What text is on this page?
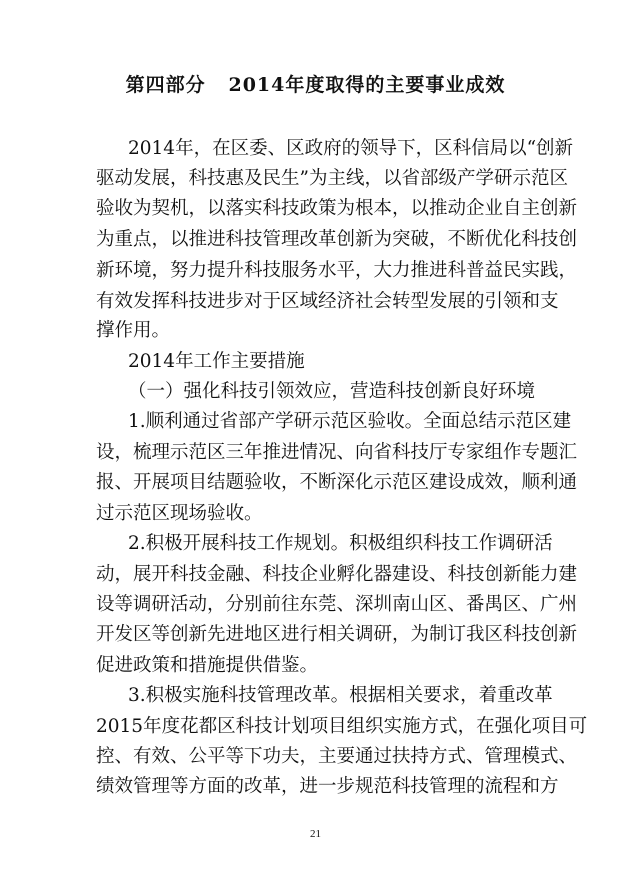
第四部分   2014年度取得的主要事业成效
2014年，在区委、区政府的领导下，区科信局以“创新
驱动发展，科技惠及民生”为主线，以省部级产学研示范区
验收为契机，以落实科技政策为根本，以推动企业自主创新
为重点，以推进科技管理改革创新为突破，不断优化科技创
新环境，努力提升科技服务水平，大力推进科普益民实践，
有效发挥科技进步对于区域经济社会转型发展的引领和支
撑作用。
2014年工作主要措施
（一）强化科技引领效应，营造科技创新良好环境
1.顺利通过省部产学研示范区验收。全面总结示范区建
设，梳理示范区三年推进情况、向省科技厅专家组作专题汇
报、开展项目结题验收，不断深化示范区建设成效，顺利通
过示范区现场验收。
2.积极开展科技工作规划。积极组织科技工作调研活
动，展开科技金融、科技企业孵化器建设、科技创新能力建
设等调研活动，分别前往东莞、深圳南山区、番禺区、广州
开发区等创新先进地区进行相关调研，为制订我区科技创新
促进政策和措施提供借鉴。
3.积极实施科技管理改革。根据相关要求，着重改革
2015年度花都区科技计划项目组织实施方式，在强化项目可
控、有效、公平等下功夫，主要通过扶持方式、管理模式、
绩效管理等方面的改革，进一步规范科技管理的流程和方
21
